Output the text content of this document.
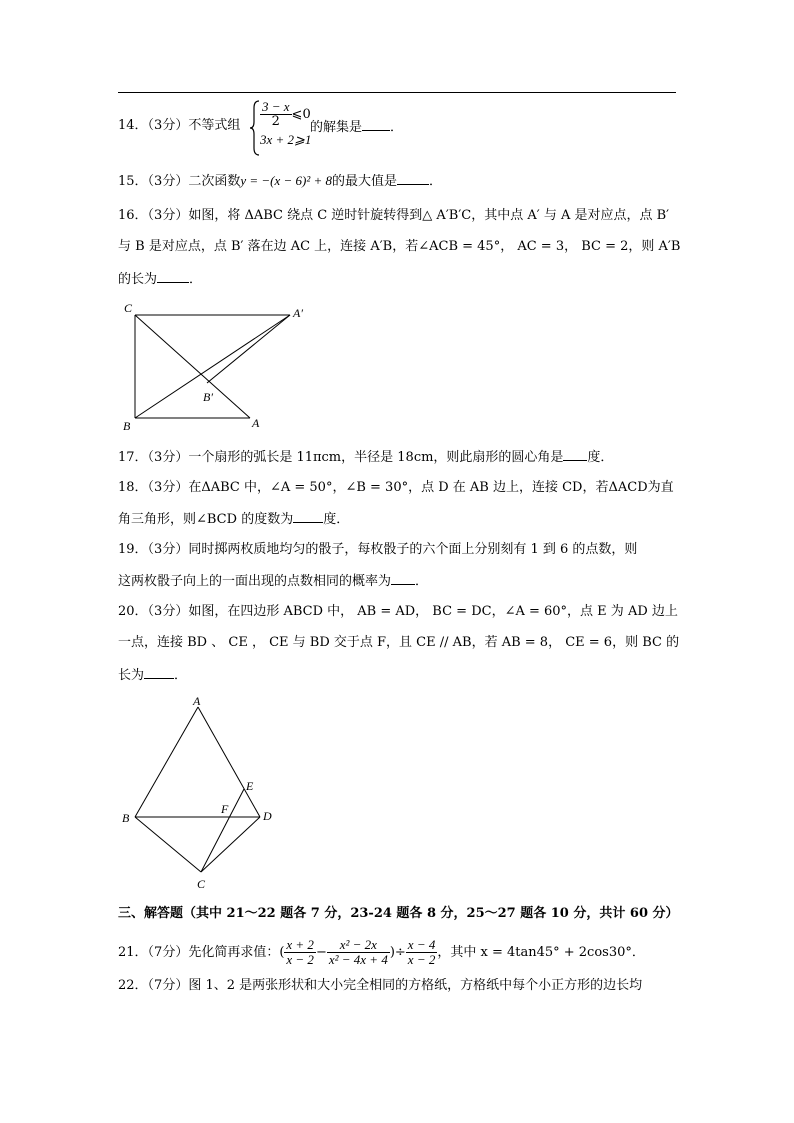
14．（3分）不等式组 $\frac{3 - x}{2}$ ⩽0
3x + 2⩾1
的解集是 ．
15．（3分）二次函数y = −(x − 6)² + 8的最大值是 ．
16．（3分）如图，将 ΔABC 绕点 C 逆时针旋转得到△ A′B′C，其中点 A′ 与 A 是对应点，点 B′
与 B 是对应点，点 B′ 落在边 AC 上，连接 A′B，若∠ACB = 45°， AC = 3， BC = 2，则 A′B
的长为 ．
C	A′
B′
B	A
17．（3分）一个扇形的弧长是 11πcm，半径是 18cm，则此扇形的圆心角是 度．
18．（3分）在ΔABC 中，∠A = 50°，∠B = 30°，点 D 在 AB 边上，连接 CD，若ΔACD为直
角三角形，则∠BCD 的度数为 度．
19．（3分）同时掷两枚质地均匀的骰子，每枚骰子的六个面上分别刻有 1 到 6 的点数，则
这两枚骰子向上的一面出现的点数相同的概率为 ．
20．（3分）如图，在四边形 ABCD 中， AB = AD， BC = DC，∠A = 60°，点 E 为 AD 边上
一点，连接 BD 、 CE ， CE 与 BD 交于点 F，且 CE // AB，若 AB = 8， CE = 6，则 BC 的
长为 ．
A
B
C
D
E
F
三、解答题（其中 21～22 题各 7 分，23-24 题各 8 分，25～27 题各 10 分，共计 60 分）
21．（7分）先化简再求值：( $\frac{x + 2}{x - 2} - \frac{\text{x² − 2x}}{\text{x² − 4x + 4}}$ )÷ $\frac{x - 4}{x - 2}$ ，其中 x = 4tan45° + 2cos30°．
22．（7分）图 1、2 是两张形状和大小完全相同的方格纸，方格纸中每个小正方形的边长均
